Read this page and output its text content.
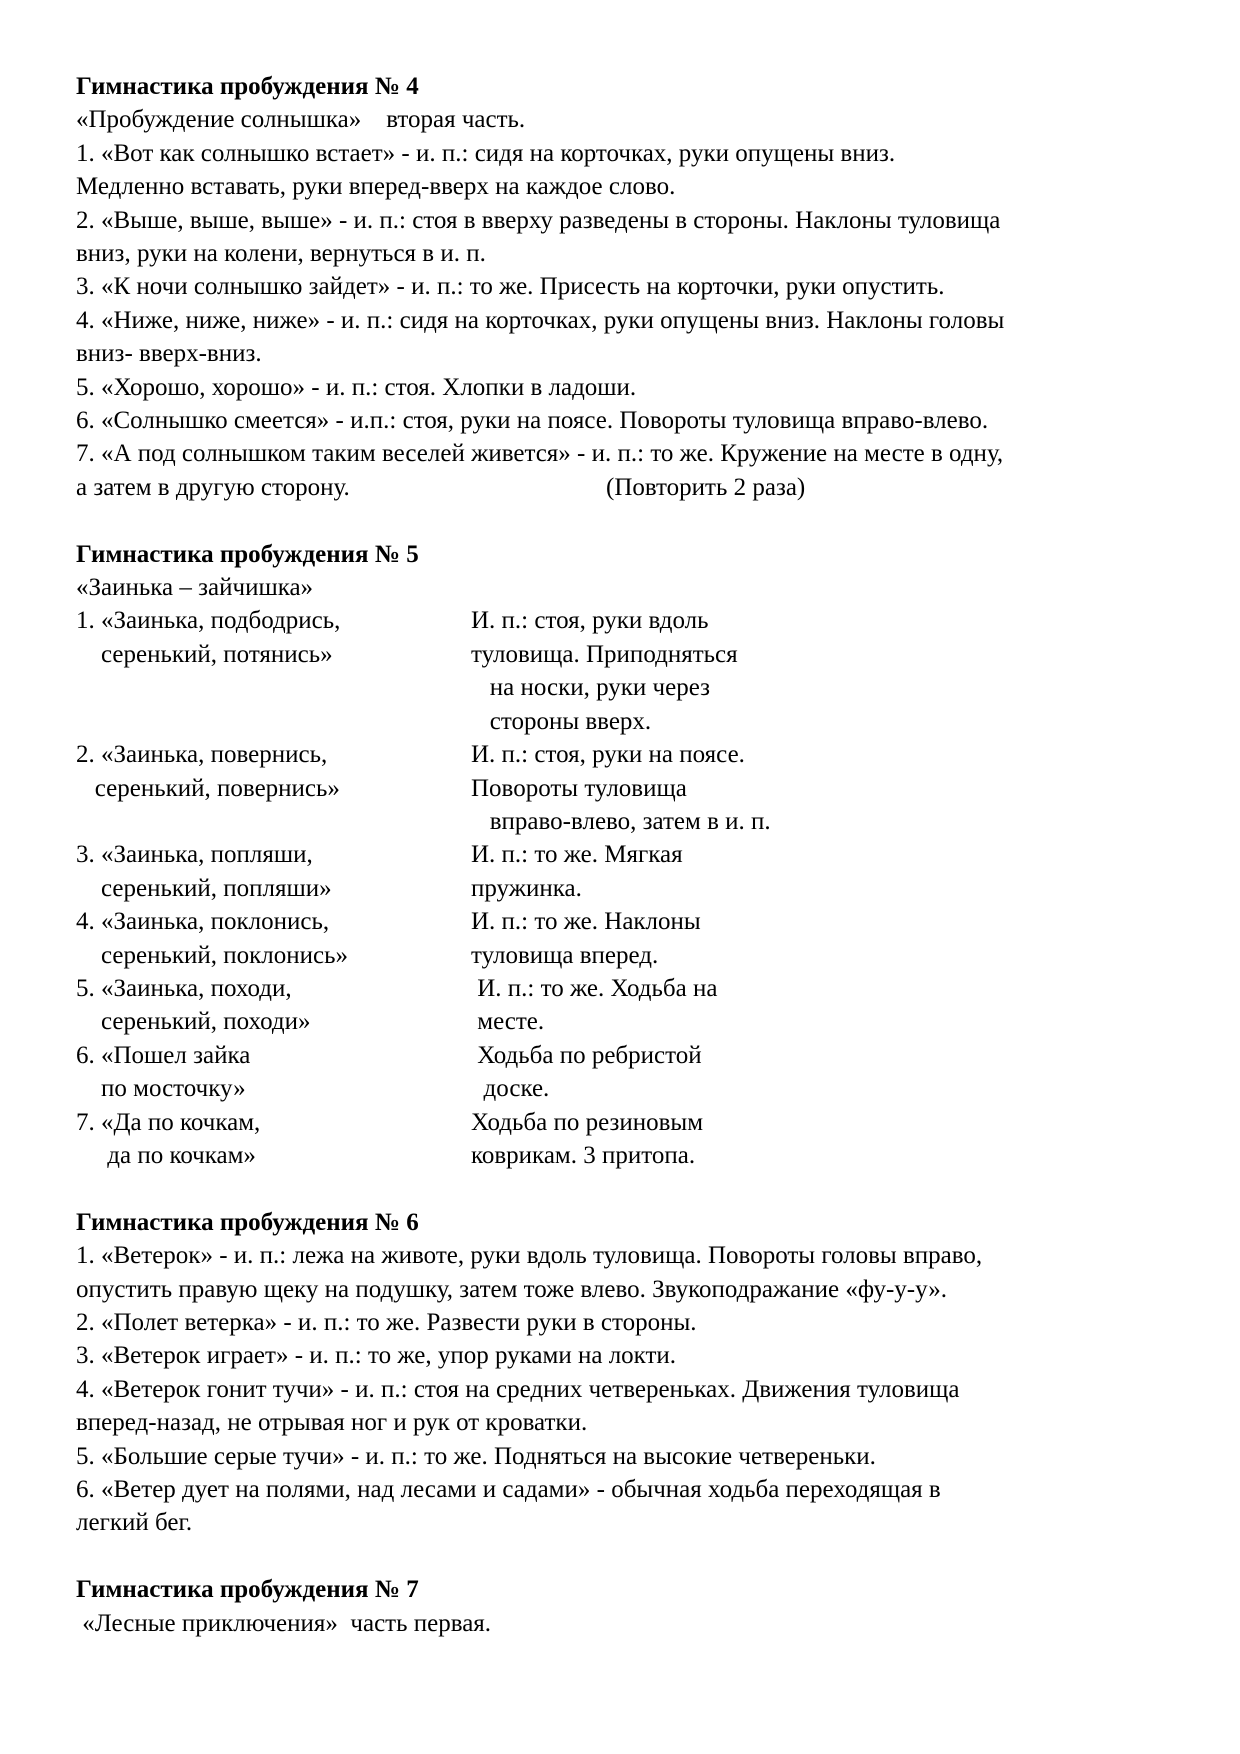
Гимнастика пробуждения № 4
«Пробуждение солнышка»    вторая часть.
1. «Вот как солнышко встает» - и. п.: сидя на корточках, руки опущены вниз.
Медленно вставать, руки вперед-вверх на каждое слово.
2. «Выше, выше, выше» - и. п.: стоя в вверху разведены в стороны. Наклоны туловища
вниз, руки на колени, вернуться в и. п.
3. «К ночи солнышко зайдет» - и. п.: то же. Присесть на корточки, руки опустить.
4. «Ниже, ниже, ниже» - и. п.: сидя на корточках, руки опущены вниз. Наклоны головы
вниз- вверх-вниз.
5. «Хорошо, хорошо» - и. п.: стоя. Хлопки в ладоши.
6. «Солнышко смеется» - и.п.: стоя, руки на поясе. Повороты туловища вправо-влево.
7. «А под солнышком таким веселей живется» - и. п.: то же. Кружение на месте в одну,
а затем в другую сторону.	(Повторить 2 раза)
Гимнастика пробуждения № 5
«Заинька – зайчишка»
1. «Заинька, подбодрись,	И. п.: стоя, руки вдоль
серенький, потянись»	туловища. Приподняться
на носки, руки через
стороны вверх.
2. «Заинька, повернись,	И. п.: стоя, руки на поясе.
серенький, повернись»	Повороты туловища
вправо-влево, затем в и. п.
3. «Заинька, попляши,	И. п.: то же. Мягкая
серенький, попляши»	пружинка.
4. «Заинька, поклонись,	И. п.: то же. Наклоны
серенький, поклонись»	туловища вперед.
5. «Заинька, походи,	И. п.: то же. Ходьба на
серенький, походи»	месте.
6. «Пошел зайка	Ходьба по ребристой
по мосточку»	доске.
7. «Да по кочкам,	Ходьба по резиновым
да по кочкам»	коврикам. 3 притопа.
Гимнастика пробуждения № 6
1. «Ветерок» - и. п.: лежа на животе, руки вдоль туловища. Повороты головы вправо,
опустить правую щеку на подушку, затем тоже влево. Звукоподражание «фу-у-у».
2. «Полет ветерка» - и. п.: то же. Развести руки в стороны.
3. «Ветерок играет» - и. п.: то же, упор руками на локти.
4. «Ветерок гонит тучи» - и. п.: стоя на средних четвереньках. Движения туловища
вперед-назад, не отрывая ног и рук от кроватки.
5. «Большие серые тучи» - и. п.: то же. Подняться на высокие четвереньки.
6. «Ветер дует на полями, над лесами и садами» - обычная ходьба переходящая в
легкий бег.
Гимнастика пробуждения № 7
«Лесные приключения»  часть первая.
